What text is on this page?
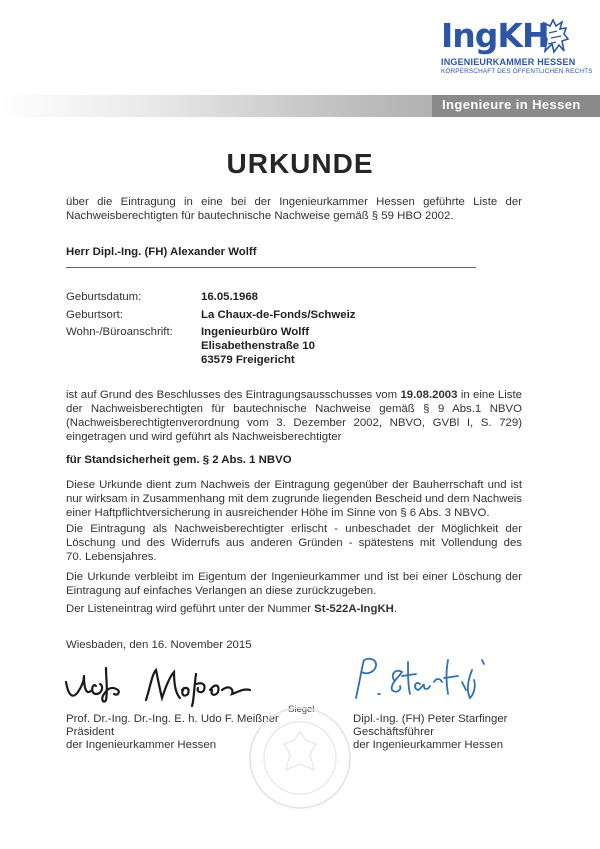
IngKH
INGENIEURKAMMER HESSEN
KÖRPERSCHAFT DES ÖFFENTLICHEN RECHTS
Ingenieure in Hessen
URKUNDE
über die Eintragung in eine bei der Ingenieurkammer Hessen geführte Liste der
Nachweisberechtigten für bautechnische Nachweise gemäß § 59 HBO 2002.
Herr Dipl.-Ing. (FH) Alexander Wolff
Geburtsdatum:	16.05.1968
Geburtsort:	La Chaux-de-Fonds/Schweiz
Wohn-/Büroanschrift: Ingenieurbüro Wolff
Elisabethenstraße 10
63579 Freigericht
ist auf Grund des Beschlusses des Eintragungsausschusses vom 19.08.2003 in eine Liste
der Nachweisberechtigten für bautechnische Nachweise gemäß § 9 Abs.1 NBVO
(Nachweisberechtigtenverordnung vom 3. Dezember 2002, NBVO, GVBl I, S. 729)
eingetragen und wird geführt als Nachweisberechtigter
für Standsicherheit gem. § 2 Abs. 1 NBVO
Diese Urkunde dient zum Nachweis der Eintragung gegenüber der Bauherrschaft und ist
nur wirksam in Zusammenhang mit dem zugrunde liegenden Bescheid und dem Nachweis
einer Haftpflichtversicherung in ausreichender Höhe im Sinne von § 6 Abs. 3 NBVO.
Die Eintragung als Nachweisberechtigter erlischt - unbeschadet der Möglichkeit der
Löschung und des Widerrufs aus anderen Gründen - spätestens mit Vollendung des
70. Lebensjahres.
Die Urkunde verbleibt im Eigentum der Ingenieurkammer und ist bei einer Löschung der
Eintragung auf einfaches Verlangen an diese zurückzugeben.
Der Listeneintrag wird geführt unter der Nummer St-522A-IngKH.
Wiesbaden, den 16. November 2015
Prof. Dr.-Ing. Dr.-Ing. E. h. Udo F. Meißner
Präsident
der Ingenieurkammer Hessen
Siegel
Dipl.-Ing. (FH) Peter Starfinger
Geschäftsführer
der Ingenieurkammer Hessen
